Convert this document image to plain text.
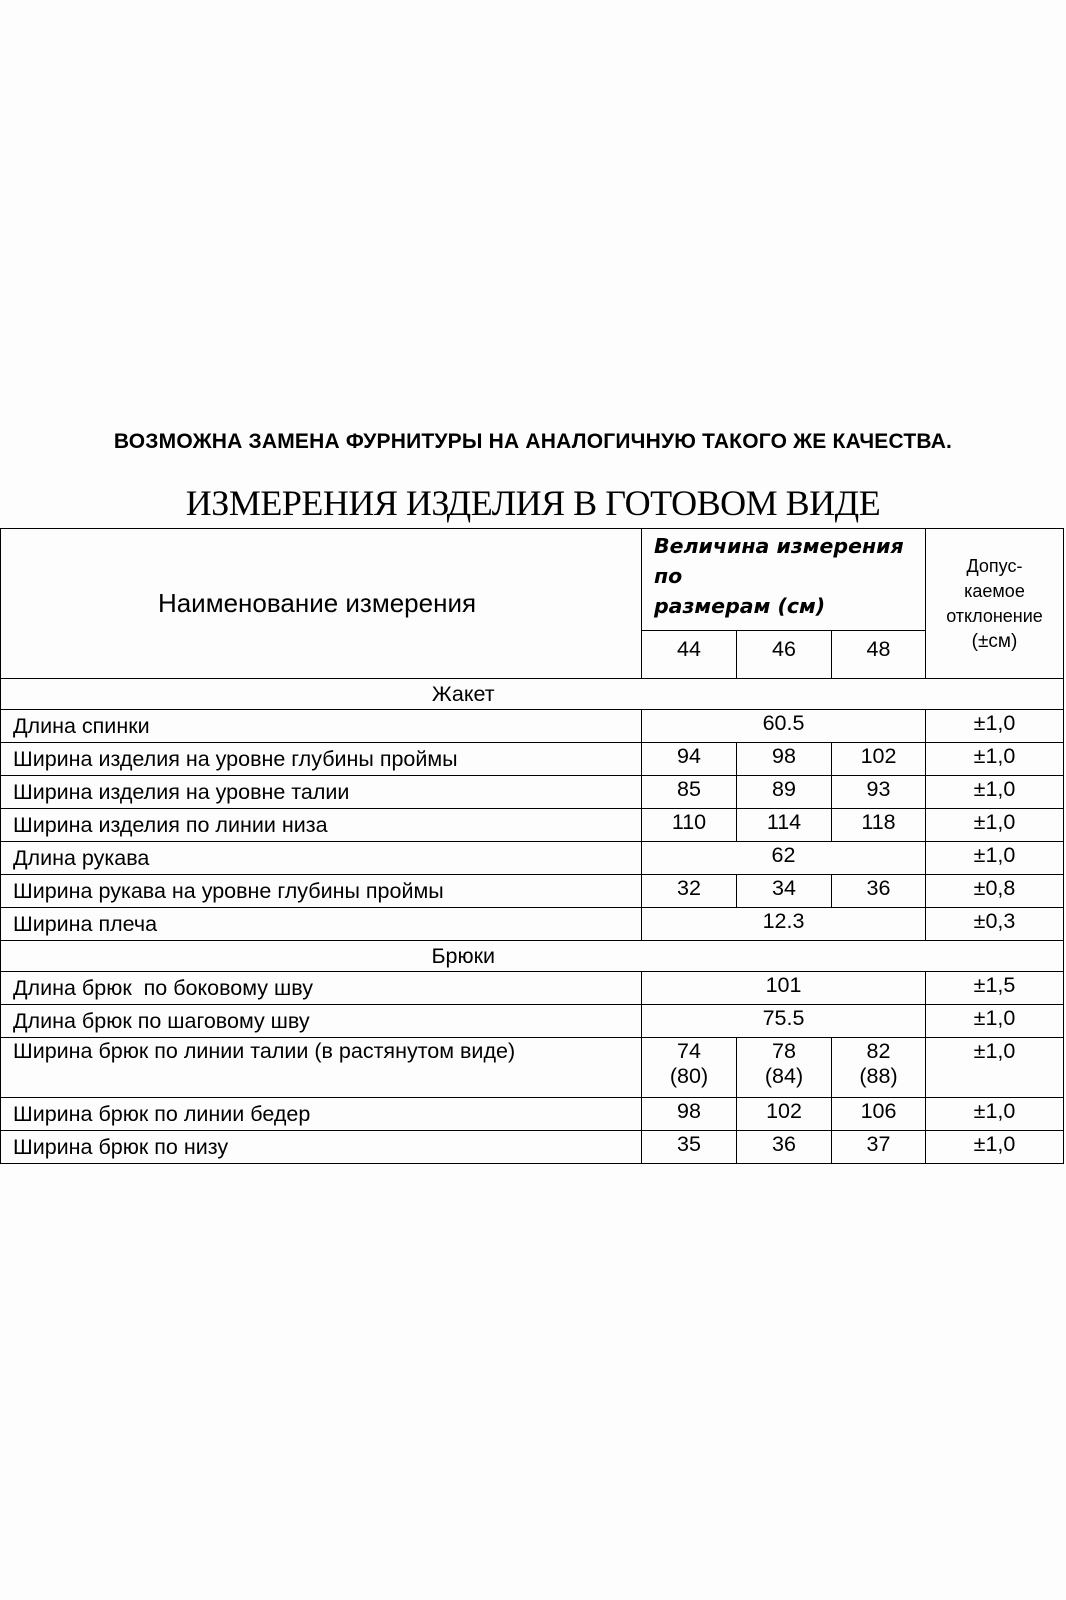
ВОЗМОЖНА ЗАМЕНА ФУРНИТУРЫ НА АНАЛОГИЧНУЮ ТАКОГО ЖЕ КАЧЕСТВА.
ИЗМЕРЕНИЯ ИЗДЕЛИЯ В ГОТОВОМ ВИДЕ
Наименование измерения	Величина измерения по
размерам (см)			Допус-
каемое
отклонение
(±см)
	44	46	48	
Жакет				
Длина спинки	60.5			±1,0
Ширина изделия на уровне глубины проймы	94	98	102	±1,0
Ширина изделия на уровне талии	85	89	93	±1,0
Ширина изделия по линии низа	110	114	118	±1,0
Длина рукава	62			±1,0
Ширина рукава на уровне глубины проймы	32	34	36	±0,8
Ширина плеча	12.3			±0,3
Брюки				
Длина брюк  по боковому шву	101			±1,5
Длина брюк по шаговому шву	75.5			±1,0
Ширина брюк по линии талии (в растянутом виде)	74
(80)	78
(84)	82
(88)	±1,0
Ширина брюк по линии бедер	98	102	106	±1,0
Ширина брюк по низу	35	36	37	±1,0
